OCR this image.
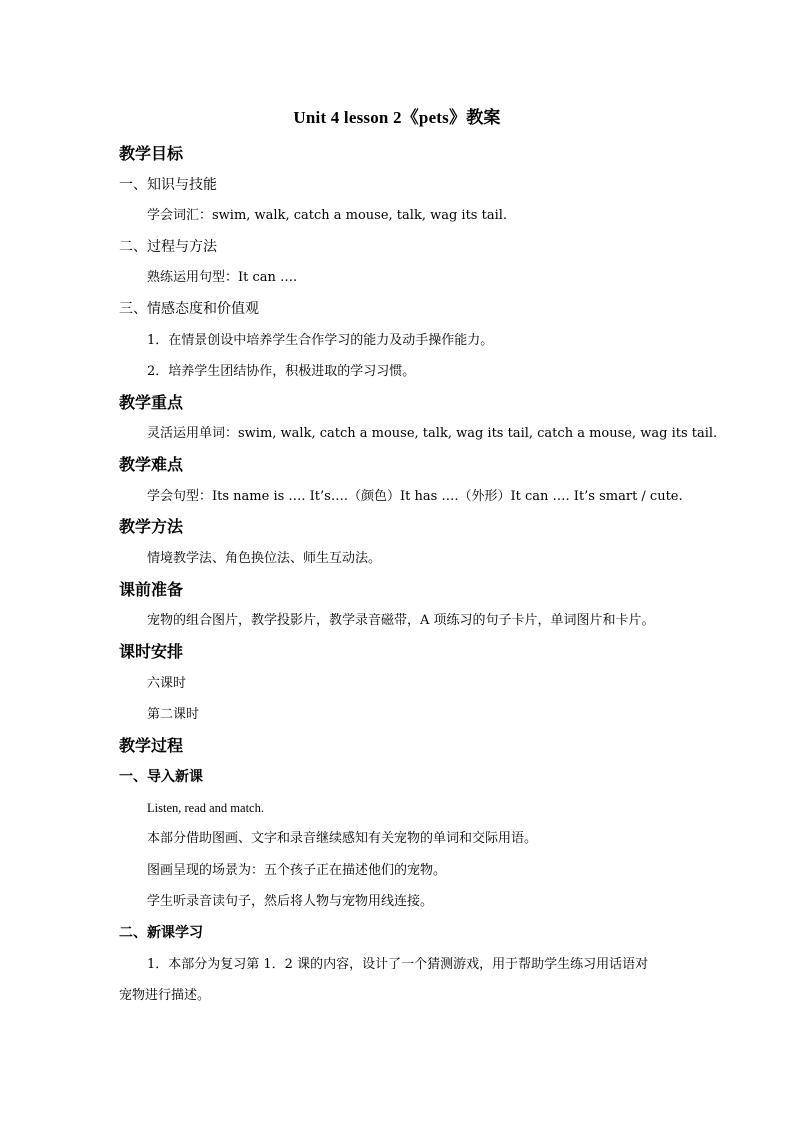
Unit 4 lesson 2《pets》教案
教学目标
一、知识与技能
学会词汇：swim, walk, catch a mouse, talk, wag its tail.
二、过程与方法
熟练运用句型：It can ….
三、情感态度和价值观
1．在情景创设中培养学生合作学习的能力及动手操作能力。
2．培养学生团结协作，积极进取的学习习惯。
教学重点
灵活运用单词：swim, walk, catch a mouse, talk, wag its tail, catch a mouse, wag its tail.
教学难点
学会句型：Its name is …. It’s….（颜色）It has ….（外形）It can …. It’s smart / cute.
教学方法
情境教学法、角色换位法、师生互动法。
课前准备
宠物的组合图片，教学投影片，教学录音磁带，A 项练习的句子卡片，单词图片和卡片。
课时安排
六课时
第二课时
教学过程
一、导入新课
Listen, read and match.
本部分借助图画、文字和录音继续感知有关宠物的单词和交际用语。
图画呈现的场景为：五个孩子正在描述他们的宠物。
学生听录音读句子，然后将人物与宠物用线连接。
二、新课学习
1．本部分为复习第 1．2 课的内容，设计了一个猜测游戏，用于帮助学生练习用话语对
宠物进行描述。
